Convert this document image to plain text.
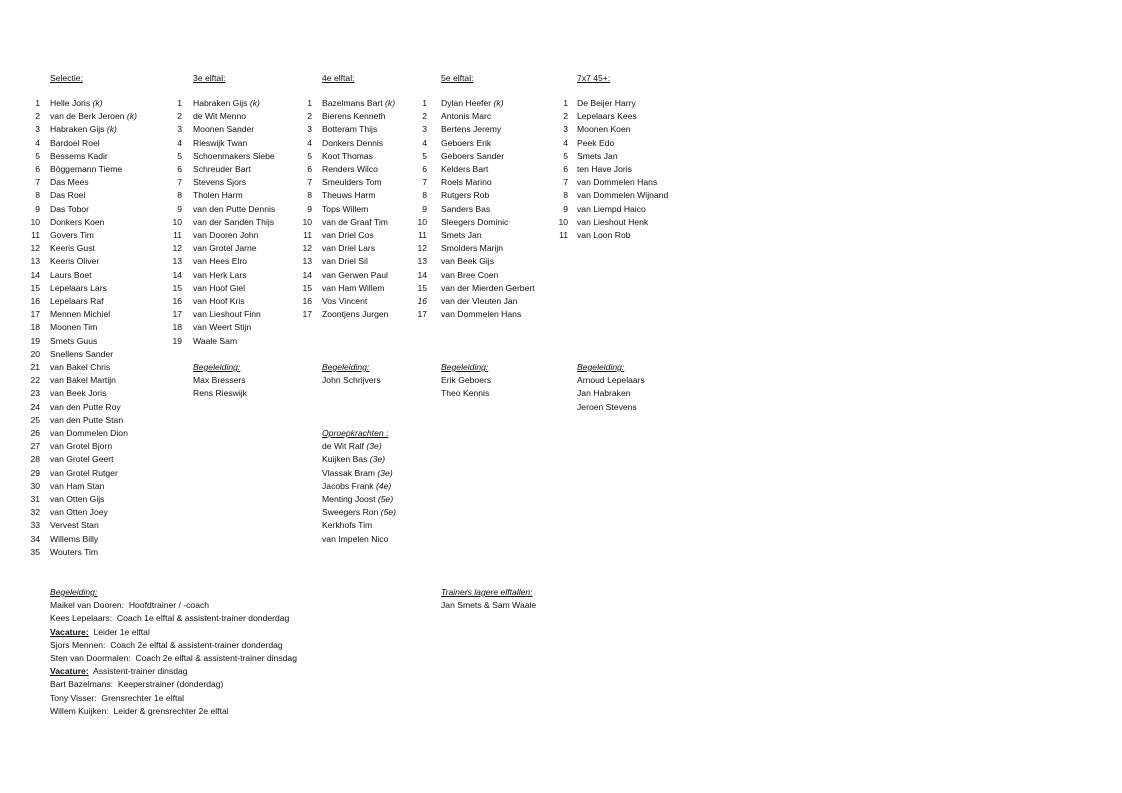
Selectie:
1 Helle Joris (k)
2 van de Berk Jeroen (k)
3 Habraken Gijs (k)
4 Bardoel Roel
5 Bessems Kadir
6 Böggemann Tieme
7 Das Mees
8 Das Roel
9 Das Tobor
10 Donkers Koen
11 Govers Tim
12 Keeris Gust
13 Keeris Oliver
14 Laurs Boet
15 Lepelaars Lars
16 Lepelaars Raf
17 Mennen Michiel
18 Moonen Tim
19 Smets Guus
20 Snellens Sander
21 van Bakel Chris
22 van Bakel Martijn
23 van Beek Joris
24 van den Putte Roy
25 van den Putte Stan
26 van Dommelen Dion
27 van Grotel Bjorn
28 van Grotel Geert
29 van Grotel Rutger
30 van Ham Stan
31 van Otten Gijs
32 van Otten Joey
33 Vervest Stan
34 Willems Billy
35 Wouters Tim
3e elftal:
1 Habraken Gijs (k)
2 de Wit Menno
3 Moonen Sander
4 Rieswijk Twan
5 Schoenmakers Siebe
6 Schreuder Bart
7 Stevens Sjors
8 Tholen Harm
9 van den Putte Dennis
10 van der Sanden Thijs
11 van Dooren John
12 van Grotel Jarne
13 van Hees Elro
14 van Herk Lars
15 van Hoof Giel
16 van Hoof Kris
17 van Lieshout Finn
18 van Weert Stijn
19 Waale Sam
Begeleiding:
Max Bressers
Rens Rieswijk
4e elftal:
1 Bazelmans Bart (k)
2 Bierens Kenneth
3 Botteram Thijs
4 Donkers Dennis
5 Koot Thomas
6 Renders Wilco
7 Smeulders Tom
8 Theuws Harm
9 Tops Willem
10 van de Graaf Tim
11 van Driel Cos
12 van Driel Lars
13 van Driel Sil
14 van Gerwen Paul
15 van Ham Willem
16 Vos Vincent
17 Zoontjens Jurgen
Begeleiding:
John Schrijvers
Oproepkrachten :
de Wit Ralf (3e)
Kuijken Bas (3e)
Vlassak Bram (3e)
Jacobs Frank (4e)
Menting Joost (5e)
Sweegers Ron (5e)
Kerkhofs Tim
van Impelen Nico
5e elftal:
1 Dylan Heefer (k)
2 Antonis Marc
3 Bertens Jeremy
4 Geboers Erik
5 Geboers Sander
6 Kelders Bart
7 Roels Marino
8 Rutgers Rob
9 Sanders Bas
10 Sleegers Dominic
11 Smets Jan
12 Smolders Marijn
13 van Beek Gijs
14 van Bree Coen
15 van der Mierden Gerbert
16 van der Vleuten Jan
17 van Dommelen Hans
Begeleiding:
Erik Geboers
Theo Kennis
7x7 45+:
1 De Beijer Harry
2 Lepelaars Kees
3 Moonen Koen
4 Peek Edo
5 Smets Jan
6 ten Have Joris
7 van Dommelen Hans
8 van Dommelen Wijnand
9 van Liempd Haico
10 van Lieshout Henk
11 van Loon Rob
Begeleiding:
Arnoud Lepelaars
Jan Habraken
Jeroen Stevens
Begeleiding:
Maikel van Dooren:  Hoofdtrainer / -coach
Kees Lepelaars:  Coach 1e elftal & assistent-trainer donderdag
Vacature:  Leider 1e elftal
Sjors Mennen:  Coach 2e elftal & assistent-trainer donderdag
Sten van Doormalen:  Coach 2e elftal & assistent-trainer dinsdag
Vacature:  Assistent-trainer dinsdag
Bart Bazelmans:  Keeperstrainer (donderdag)
Tony Visser:  Grensrechter 1e elftal
Willem Kuijken:  Leider & grensrechter 2e elftal
Trainers lagere elftallen:
Jan Smets & Sam Waale
